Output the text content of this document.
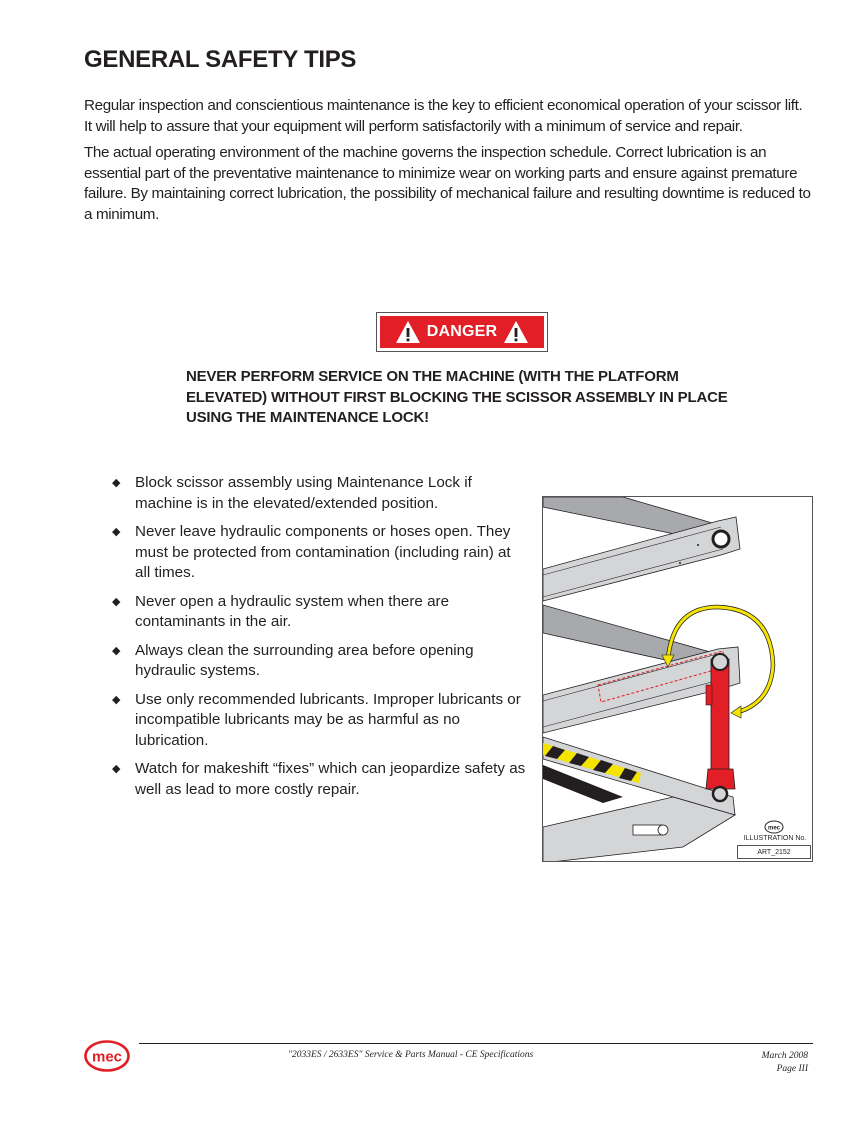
GENERAL SAFETY TIPS

Regular inspection and conscientious maintenance is the key to efficient economical operation of your scissor lift. It will help to assure that your equipment will perform satisfactorily with a minimum of service and repair.

The actual operating environment of the machine governs the inspection schedule. Correct lubrication is an essential part of the preventative maintenance to minimize wear on working parts and ensure against premature failure. By maintaining correct lubrication, the possibility of mechanical failure and resulting downtime is reduced to a minimum.

DANGER
NEVER PERFORM SERVICE ON THE MACHINE (WITH THE PLATFORM ELEVATED) WITHOUT FIRST BLOCKING THE SCISSOR ASSEMBLY IN PLACE USING THE MAINTENANCE LOCK!
◆ Block scissor assembly using Maintenance Lock if machine is in the elevated/extended position.
◆ Never leave hydraulic components or hoses open. They must be protected from contamination (including rain) at all times.
◆ Never open a hydraulic system when there are contaminants in the air.
◆ Always clean the surrounding area before opening hydraulic systems.
◆ Use only recommended lubricants. Improper lubricants or incompatible lubricants may be as harmful as no lubrication.
◆ Watch for makeshift “fixes” which can jeopardize safety as well as lead to more costly repair.
mec
ILLUSTRATION No.
ART_2152
mec	"2033ES / 2633ES" Service & Parts Manual - CE Specifications	March 2008
Page III
